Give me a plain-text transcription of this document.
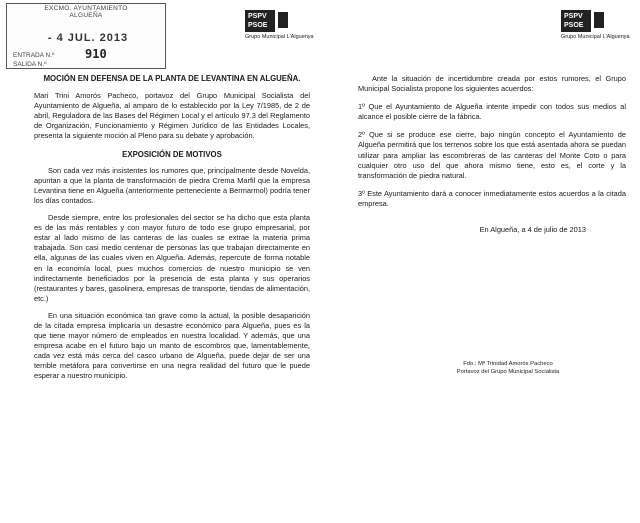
EXCMO. AYUNTAMIENTO
ALGUEÑA
- 4 JUL. 2013
ENTRADA N.º	910
SALIDA N.º
PSPV
PSOE
Grupo Municipal L'Alguenya
PSPV
PSOE
Grupo Municipal L'Alguenya

MOCIÓN EN DEFENSA DE LA PLANTA DE LEVANTINA EN ALGUEÑA.

Mari Trini Amorós Pacheco, portavoz del Grupo Municipal Socialista del Ayuntamiento de Algueña, al amparo de lo establecido por la Ley 7/1985, de 2 de abril, Reguladora de las Bases del Régimen Local y el artículo 97.3 del Reglamento de Organización, Funcionamiento y Régimen Jurídico de las Entidades Locales, presenta la siguiente moción al Pleno para su debate y aprobación.

EXPOSICIÓN DE MOTIVOS

Son cada vez más insistentes los rumores que, principalmente desde Novelda, apuntan a que la planta de transformación de piedra Crema Marfil que la empresa Levantina tiene en Algueña (anteriormente perteneciente a Bermarmol) podría tener los días contados.

Desde siempre, entre los profesionales del sector se ha dicho que esta planta es de las más rentables y con mayor futuro de todo ese grupo empresarial, por estar al lado mismo de las canteras de las cuales se extrae la materia prima trabajada. Son casi medio centenar de personas las que trabajan directamente en ella, algunas de las cuales viven en Algueña. Además, repercute de forma notable en la economía local, pues muchos comercios de nuestro municipio se ven indirectamente beneficiados por la presencia de esta planta y sus operarios (restaurantes y bares, gasolinera, empresas de transporte, tiendas de alimentación, etc.)

En una situación económica tan grave como la actual, la posible desaparición de la citada empresa implicaría un desastre económico para Algueña, pues es la que tiene mayor número de empleados en nuestra localidad. Y además, que una empresa acabe en el futuro bajo un manto de escombros que, lamentablemente, cada vez está más cerca del casco urbano de Algueña, puede dejar de ser una terrible metáfora para convertirse en una negra realidad del futuro que le puede esperar a nuestro municipio.

Ante la situación de incertidumbre creada por estos rumores, el Grupo Municipal Socialista propone los siguientes acuerdos:

1º Que el Ayuntamiento de Algueña intente impedir con todos sus medios al alcance el posible cierre de la fábrica.

2º Que si se produce ese cierre, bajo ningún concepto el Ayuntamiento de Algueña permitirá que los terrenos sobre los que está asentada ahora se puedan utilizar para ampliar las escombreras de las canteras del Monte Coto o para cualquier otro uso del que ahora mismo tiene, esto es, el corte y la transformación de piedra natural.

3º Este Ayuntamiento dará a conocer inmediatamente estos acuerdos a la citada empresa.

En Algueña, a 4 de julio de 2013

Fdo.: Mª Trinidad Amorós Pacheco
Portavoz del Grupo Municipal Socialista
